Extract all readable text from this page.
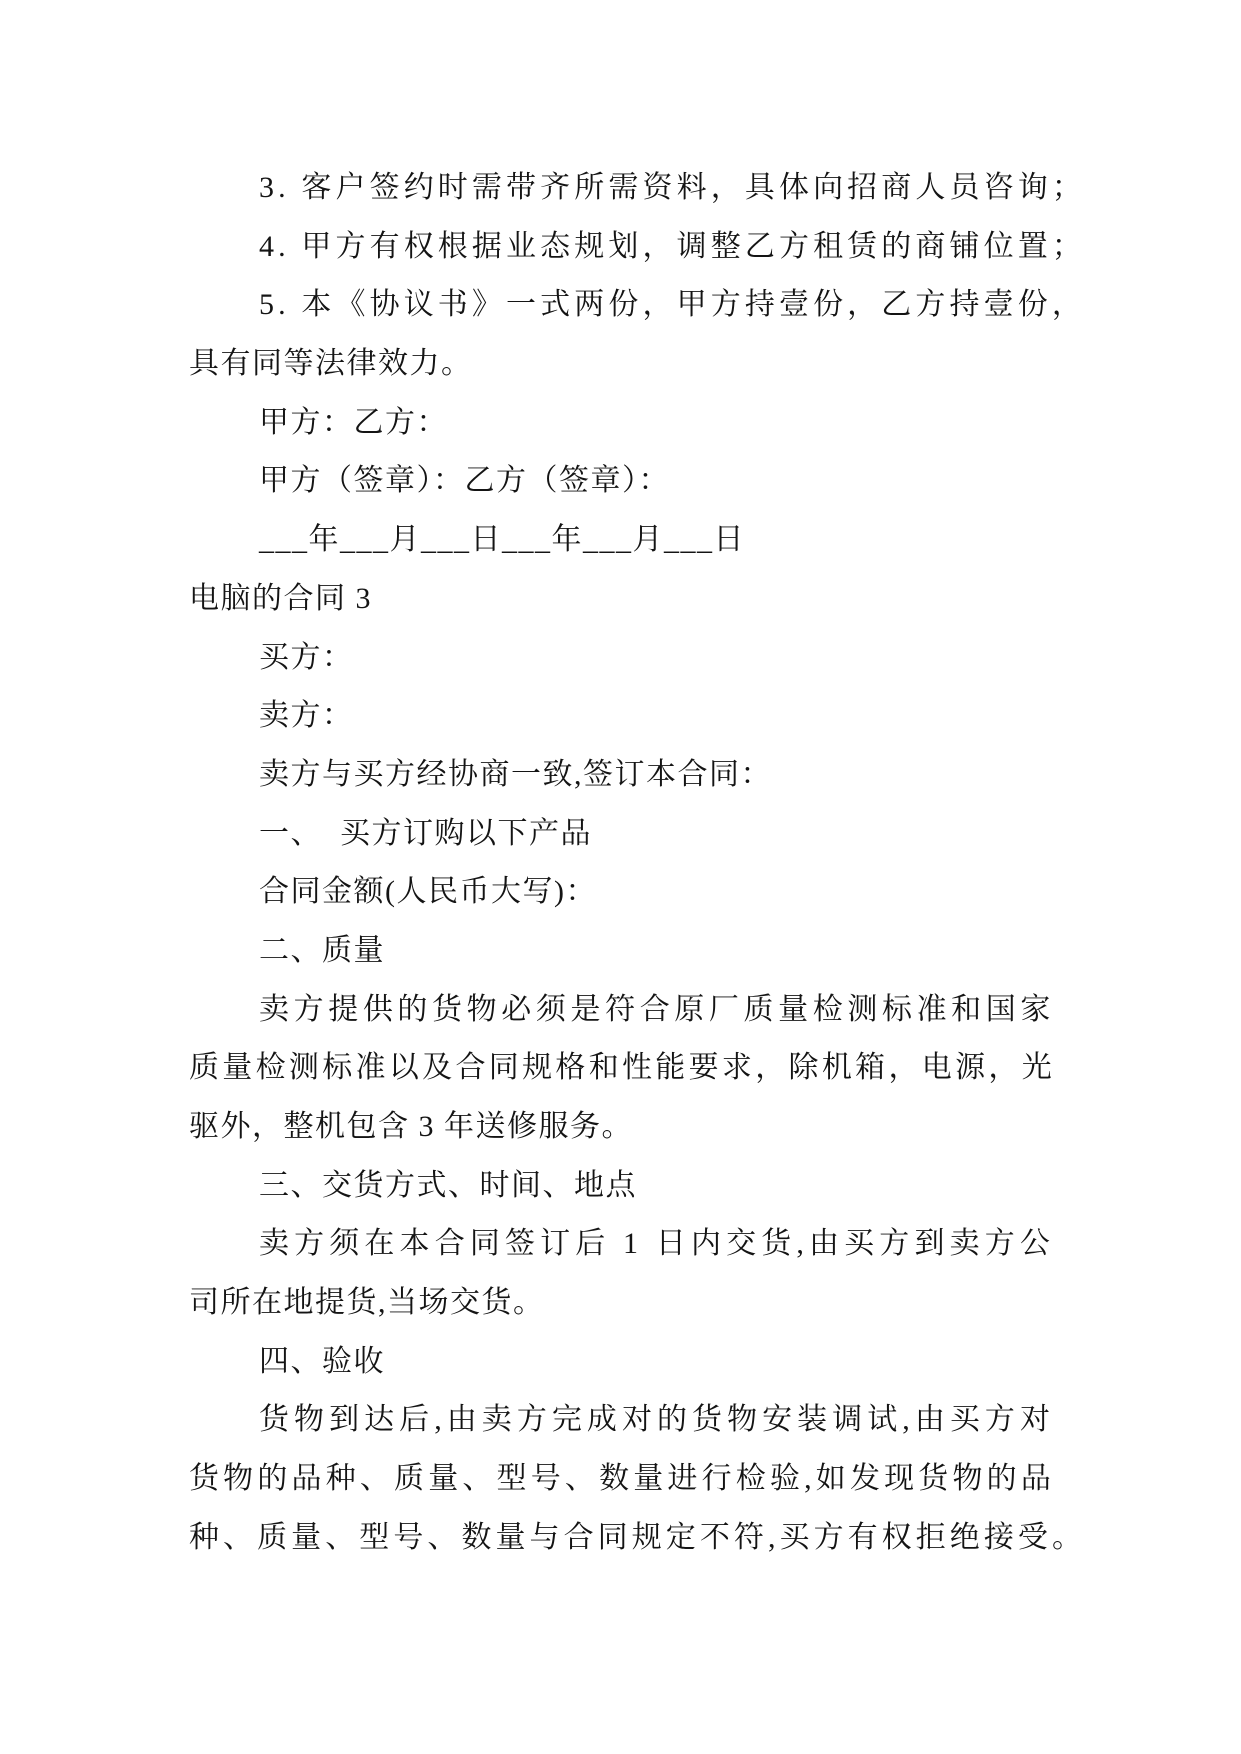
3. 客户签约时需带齐所需资料，具体向招商人员咨询；
4. 甲方有权根据业态规划，调整乙方租赁的商铺位置；
5. 本《协议书》一式两份，甲方持壹份，乙方持壹份，
具有同等法律效力。
甲方：乙方：
甲方（签章）：乙方（签章）：
___年___月___日___年___月___日
电脑的合同 3
买方：
卖方：
卖方与买方经协商一致,签订本合同：
一、  买方订购以下产品
合同金额(人民币大写)：
二、质量
卖方提供的货物必须是符合原厂质量检测标准和国家
质量检测标准以及合同规格和性能要求，除机箱，电源，光
驱外，整机包含 3 年送修服务。
三、交货方式、时间、地点
卖方须在本合同签订后 1 日内交货,由买方到卖方公
司所在地提货,当场交货。
四、验收
货物到达后,由卖方完成对的货物安装调试,由买方对
货物的品种、质量、型号、数量进行检验,如发现货物的品
种、质量、型号、数量与合同规定不符,买方有权拒绝接受。
